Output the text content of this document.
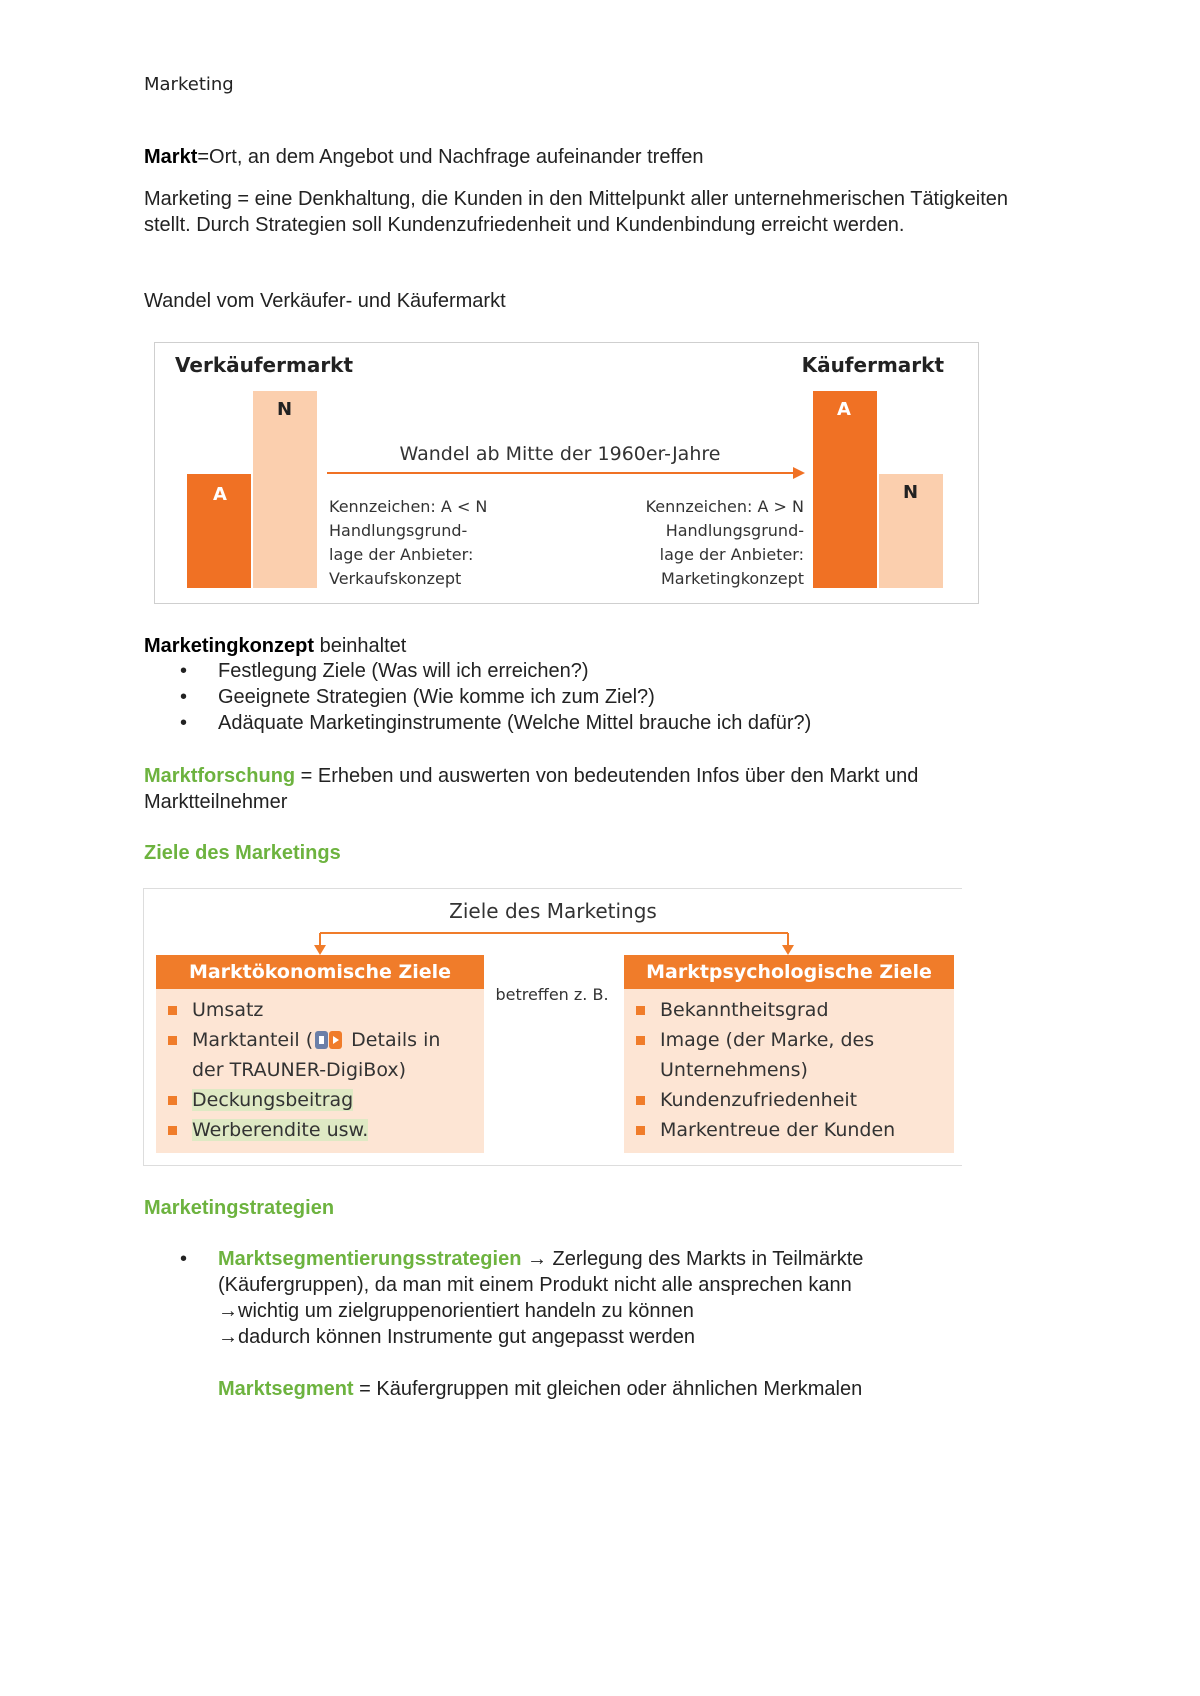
Marketing
Markt=Ort, an dem Angebot und Nachfrage aufeinander treffen
Marketing = eine Denkhaltung, die Kunden in den Mittelpunkt aller unternehmerischen Tätigkeiten stellt. Durch Strategien soll Kundenzufriedenheit und Kundenbindung erreicht werden.
Wandel vom Verkäufer- und Käufermarkt
Verkäufermarkt	Käufermarkt
A
N
Wandel ab Mitte der 1960er-Jahre
Kennzeichen: A < N
Handlungsgrund-
lage der Anbieter:
Verkaufskonzept
Kennzeichen: A > N
Handlungsgrund-
lage der Anbieter:
Marketingkonzept
A
N
Marketingkonzept beinhaltet
• Festlegung Ziele (Was will ich erreichen?)
• Geeignete Strategien (Wie komme ich zum Ziel?)
• Adäquate Marketinginstrumente (Welche Mittel brauche ich dafür?)
Marktforschung = Erheben und auswerten von bedeutenden Infos über den Markt und Marktteilnehmer
Ziele des Marketings
Ziele des Marketings
Marktökonomische Ziele
Umsatz
Marktanteil ( Details in
der TRAUNER-DigiBox)
Deckungsbeitrag
Werberendite usw.
betreffen z. B.
Marktpsychologische Ziele
Bekanntheitsgrad
Image (der Marke, des
Unternehmens)
Kundenzufriedenheit
Markentreue der Kunden
Marketingstrategien
• Marktsegmentierungsstrategien → Zerlegung des Markts in Teilmärkte
(Käufergruppen), da man mit einem Produkt nicht alle ansprechen kann
→wichtig um zielgruppenorientiert handeln zu können
→dadurch können Instrumente gut angepasst werden
Marktsegment = Käufergruppen mit gleichen oder ähnlichen Merkmalen
